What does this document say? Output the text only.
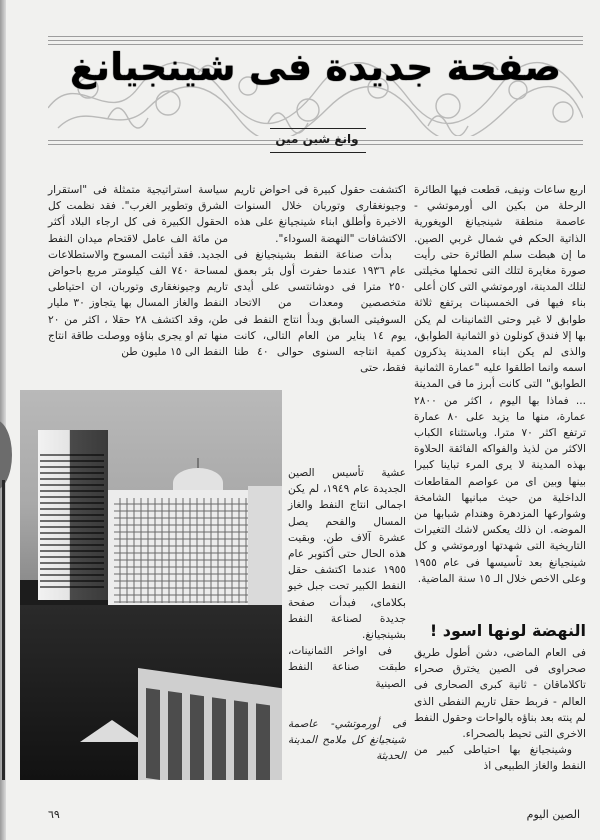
صفحة جديدة فى شينجيانغ
وانغ شين مين

اربع ساعات ونيف، قطعت فيها الطائرة الرحلة من بكين الى أورموتشي - عاصمة منطقة شينجيانغ الويغورية الذاتية الحكم في شمال غربي الصين. ما إن هبطت سلم الطائرة حتى رأيت صورة مغايرة لتلك التى تحملها مخيلتى لتلك المدينة، اورموتشي التى كان أعلى بناء فيها فى الخمسينات يرتفع ثلاثة طوابق لا غير وحتى الثمانينات لم يكن بها إلا فندق كونلون ذو الثمانية الطوابق، والذى لم يكن ابناء المدينة يذكرون اسمه وانما اطلقوا عليه "عمارة الثمانية الطوابق" التى كانت أبرز ما فى المدينة ... فماذا بها اليوم ، اكثر من ٢٨٠٠ عمارة، منها ما يزيد على ٨٠ عمارة ترتفع اكثر ٧٠ مترا. وباستثناء الكباب الاكثر من لذيذ والفواكه الفائقة الحلاوة بهذه المدينة لا يرى المرء تباينا كبيرا بينها وبين اى من عواصم المقاطعات الداخلية من حيث مبانيها الشامخة وشوارعها المزدهرة وهندام شبابها من الموضه. ان ذلك يعكس لاشك التغيرات التاريخية التى شهدتها اورموتشي و كل شينجيانغ بعد تأسيسها فى عام ١٩٥٥ وعلى الاخص خلال الـ ١٥ سنة الماضية.

النهضة لونها اسود !

فى العام الماضى، دشن أطول طريق صحراوى فى الصين يخترق صحراء تاكلاماقان - ثانية كبرى الصحارى فى العالم - فربط حقل تاريم النفطى الذى لم ينته بعد بناؤه بالواحات وحقول النفط الاخرى التى تحيط بالصحراء.

وشينجيانغ بها احتياطى كبير من النفط والغاز الطبيعى اذ

اكتشفت حقول كبيرة فى احواض تاريم وجيونغقارى وتوربان خلال السنوات الاخيرة وأطلق ابناء شينجيانغ على هذه الاكتشافات "النهضة السوداء".

بدأت صناعة النفط بشينجيانغ فى عام ١٩٣٦ عندما حفرت أول بئر بعمق ٢٥٠ مترا فى دوشانتسى على أيدى متخصصين ومعدات من الاتحاد السوفيتى السابق وبدأ انتاج النفط فى يوم ١٤ يناير من العام التالى، كانت كمية انتاجه السنوى حوالى ٤٠ طنا فقط، حتى

عشية تأسيس الصين الجديدة عام ١٩٤٩، لم يكن اجمالى انتاج النفط والغاز المسال والفحم يصل عشرة آلاف طن. وبقيت هذه الحال حتى أكتوبر عام ١٩٥٥ عندما اكتشف حقل النفط الكبير تحت جبل خيو بكلاماى، فبدأت صفحة جديدة لصناعة النفط بشينجيانغ.

فى اواخر الثمانينات، طبقت صناعة النفط الصينية

فى أورموتشي- عاصمة شينجيانغ كل ملامح المدينة الحديثة

سياسة استراتيجية متمثلة فى "استقرار الشرق وتطوير الغرب". فقد نظمت كل الحقول الكبيرة فى كل ارجاء البلاد أكثر من مائة الف عامل لاقتحام ميدان النفط الجديد. فقد أثبتت المسوح والاستطلاعات لمساحة ٧٤٠ الف كيلومتر مربع باحواض تاريم وجيونغقارى وتوربان، ان احتياطى النفط والغاز المسال بها يتجاوز ٣٠ مليار طن، وقد اكتشف ٢٨ حقلا ، اكثر من ٢٠ منها تم او يجرى بناؤه ووصلت طاقة انتاج النفط الى ١٥ مليون طن

الصين اليوم
٦٩
